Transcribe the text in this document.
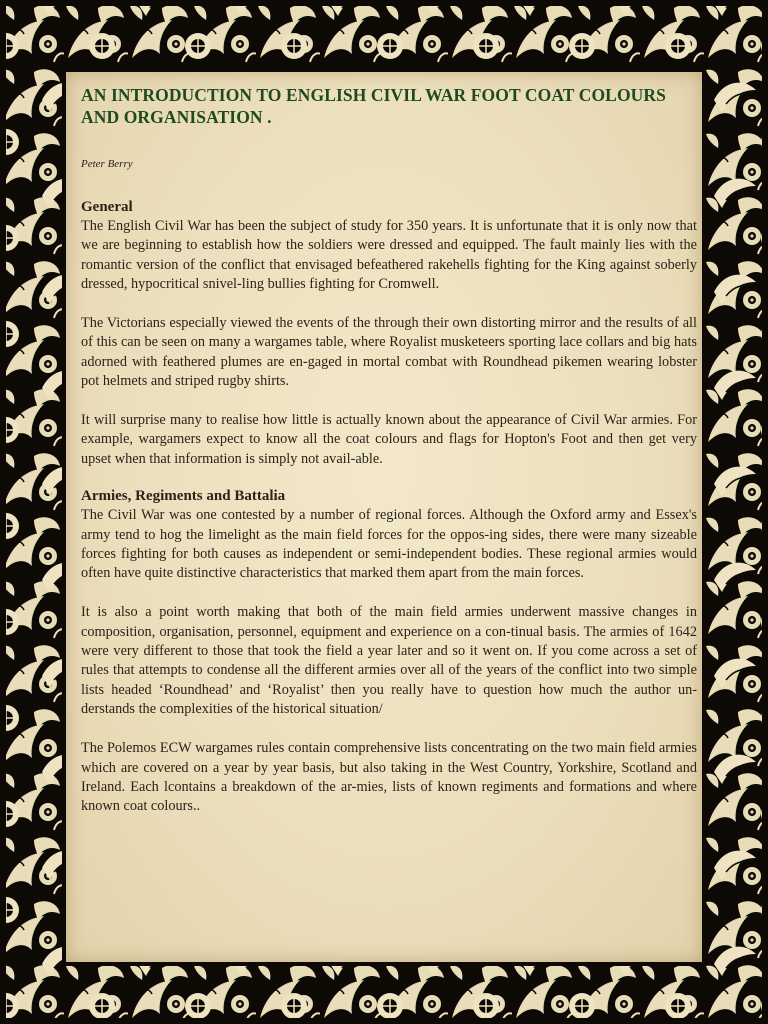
AN INTRODUCTION TO ENGLISH CIVIL WAR FOOT COAT COLOURS AND ORGANISATION .
Peter Berry
General

The English Civil War has been the subject of study for 350 years. It is unfortunate that it is only now that we are beginning to establish how the soldiers were dressed and equipped. The fault mainly lies with the romantic version of the conflict that envisaged befeathered rakehells fighting for the King against soberly dressed, hypocritical snivel-ling bullies fighting for Cromwell.

The Victorians especially viewed the events of the through their own distorting mirror and the results of all of this can be seen on many a wargames table, where Royalist musketeers sporting lace collars and big hats adorned with feathered plumes are en-gaged in mortal combat with Roundhead pikemen wearing lobster pot helmets and striped rugby shirts.

It will surprise many to realise how little is actually known about the appearance of Civil War armies. For example, wargamers expect to know all the coat colours and flags for Hopton's Foot and then get very upset when that information is simply not avail-able.

Armies, Regiments and Battalia

The Civil War was one contested by a number of regional forces. Although the Oxford army and Essex's army tend to hog the limelight as the main field forces for the oppos-ing sides, there were many sizeable forces fighting for both causes as independent or semi-independent bodies. These regional armies would often have quite distinctive characteristics that marked them apart from the main forces.

It is also a point worth making that both of the main field armies underwent massive changes in composition, organisation, personnel, equipment and experience on a con-tinual basis. The armies of 1642 were very different to those that took the field a year later and so it went on. If you come across a set of rules that attempts to condense all the different armies over all of the years of the conflict into two simple lists headed ‘Roundhead’ and ‘Royalist’ then you really have to question how much the author un-derstands the complexities of the historical situation/

The Polemos ECW wargames rules contain comprehensive lists concentrating on the two main field armies which are covered on a year by year basis, but also taking in the West Country, Yorkshire, Scotland and Ireland. Each lcontains a breakdown of the ar-mies, lists of known regiments and formations and where known coat colours..
